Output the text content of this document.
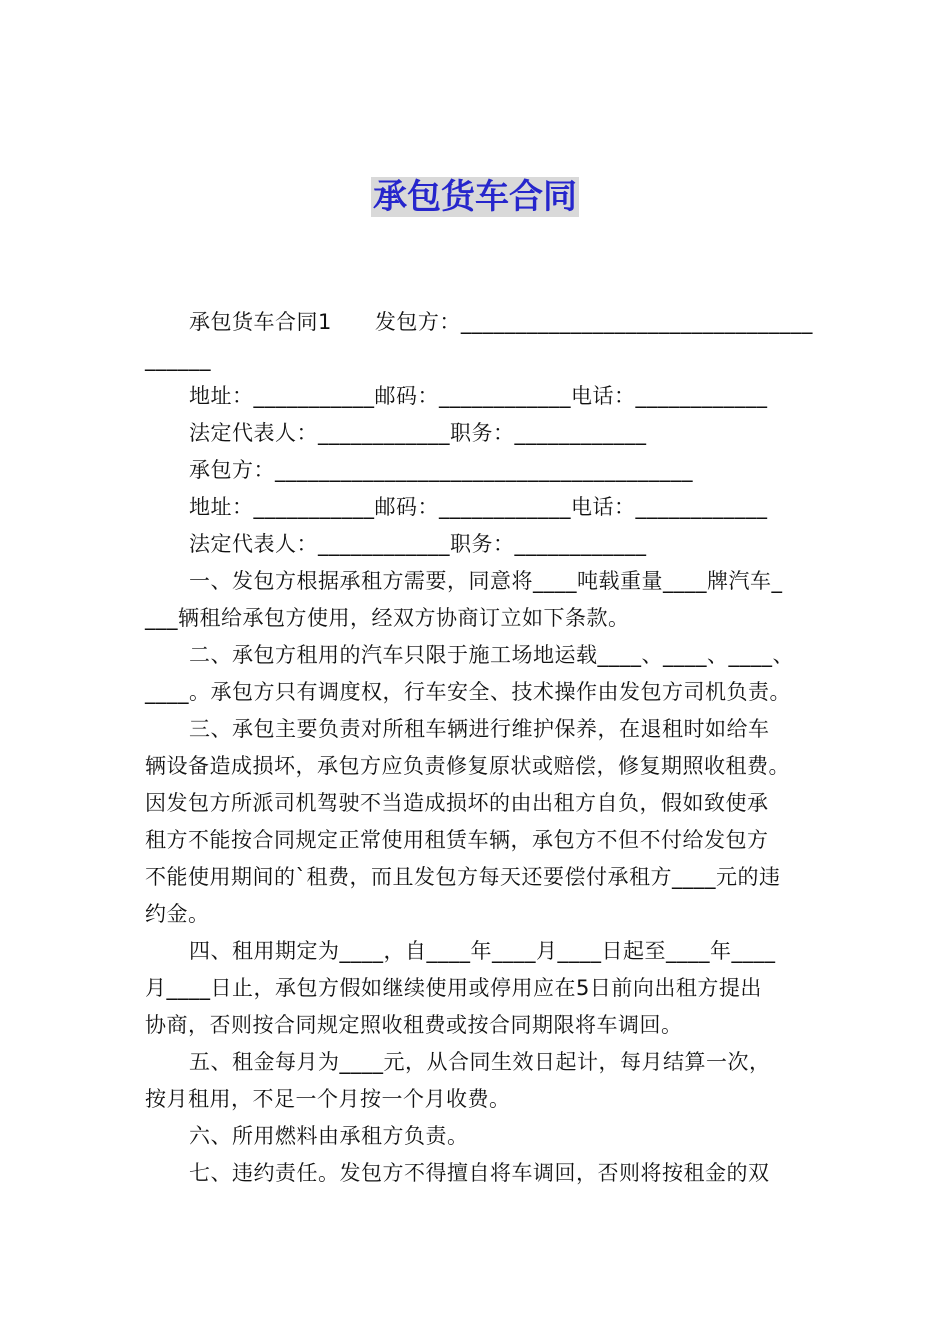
承包货车合同
承包货车合同1　　发包方：________________________________
______
地址：___________邮码：____________电话：____________
法定代表人：____________职务：____________
承包方：______________________________________
地址：___________邮码：____________电话：____________
法定代表人：____________职务：____________
一、发包方根据承租方需要，同意将____吨载重量____牌汽车_
___辆租给承包方使用，经双方协商订立如下条款。
二、承包方租用的汽车只限于施工场地运载____、____、____、
____。承包方只有调度权，行车安全、技术操作由发包方司机负责。
三、承包主要负责对所租车辆进行维护保养，在退租时如给车
辆设备造成损坏，承包方应负责修复原状或赔偿，修复期照收租费。
因发包方所派司机驾驶不当造成损坏的由出租方自负，假如致使承
租方不能按合同规定正常使用租赁车辆，承包方不但不付给发包方
不能使用期间的`租费，而且发包方每天还要偿付承租方____元的违
约金。
四、租用期定为____，自____年____月____日起至____年____
月____日止，承包方假如继续使用或停用应在5日前向出租方提出
协商，否则按合同规定照收租费或按合同期限将车调回。
五、租金每月为____元，从合同生效日起计，每月结算一次，
按月租用，不足一个月按一个月收费。
六、所用燃料由承租方负责。
七、违约责任。发包方不得擅自将车调回，否则将按租金的双
